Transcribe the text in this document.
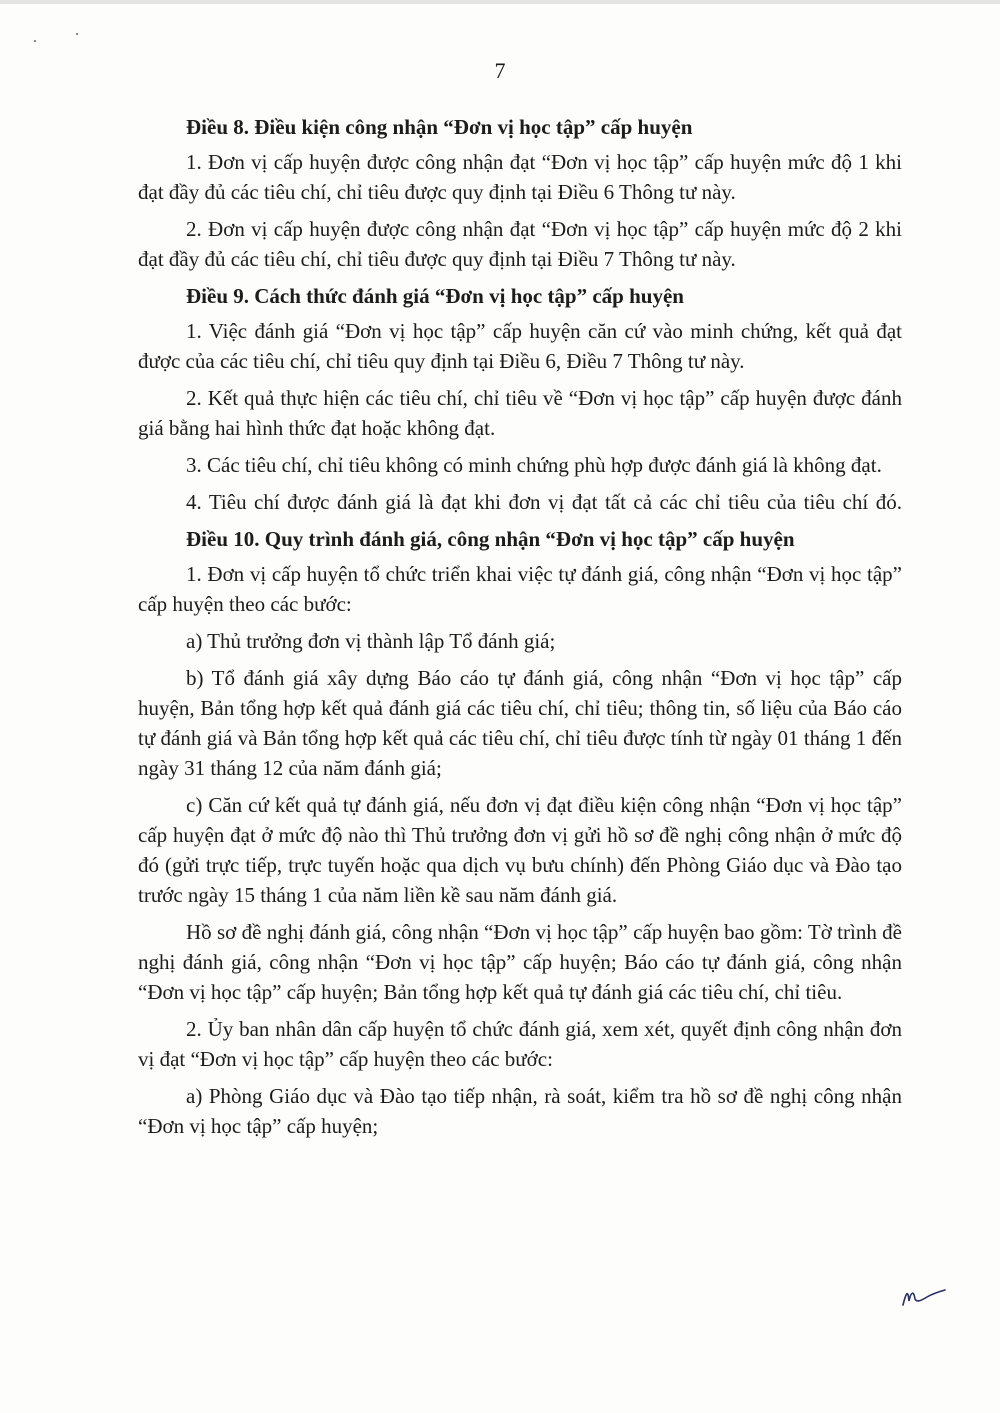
7

Điều 8. Điều kiện công nhận “Đơn vị học tập” cấp huyện

1. Đơn vị cấp huyện được công nhận đạt “Đơn vị học tập” cấp huyện mức độ 1 khi đạt đầy đủ các tiêu chí, chỉ tiêu được quy định tại Điều 6 Thông tư này.

2. Đơn vị cấp huyện được công nhận đạt “Đơn vị học tập” cấp huyện mức độ 2 khi đạt đầy đủ các tiêu chí, chỉ tiêu được quy định tại Điều 7 Thông tư này.

Điều 9. Cách thức đánh giá “Đơn vị học tập” cấp huyện

1. Việc đánh giá “Đơn vị học tập” cấp huyện căn cứ vào minh chứng, kết quả đạt được của các tiêu chí, chỉ tiêu quy định tại Điều 6, Điều 7 Thông tư này.

2. Kết quả thực hiện các tiêu chí, chỉ tiêu về “Đơn vị học tập” cấp huyện được đánh giá bằng hai hình thức đạt hoặc không đạt.

3. Các tiêu chí, chỉ tiêu không có minh chứng phù hợp được đánh giá là không đạt.

4. Tiêu chí được đánh giá là đạt khi đơn vị đạt tất cả các chỉ tiêu của tiêu chí đó.

Điều 10. Quy trình đánh giá, công nhận “Đơn vị học tập” cấp huyện

1. Đơn vị cấp huyện tổ chức triển khai việc tự đánh giá, công nhận “Đơn vị học tập” cấp huyện theo các bước:

a) Thủ trưởng đơn vị thành lập Tổ đánh giá;

b) Tổ đánh giá xây dựng Báo cáo tự đánh giá, công nhận “Đơn vị học tập” cấp huyện, Bản tổng hợp kết quả đánh giá các tiêu chí, chỉ tiêu; thông tin, số liệu của Báo cáo tự đánh giá và Bản tổng hợp kết quả các tiêu chí, chỉ tiêu được tính từ ngày 01 tháng 1 đến ngày 31 tháng 12 của năm đánh giá;

c) Căn cứ kết quả tự đánh giá, nếu đơn vị đạt điều kiện công nhận “Đơn vị học tập” cấp huyện đạt ở mức độ nào thì Thủ trưởng đơn vị gửi hồ sơ đề nghị công nhận ở mức độ đó (gửi trực tiếp, trực tuyến hoặc qua dịch vụ bưu chính) đến Phòng Giáo dục và Đào tạo trước ngày 15 tháng 1 của năm liền kề sau năm đánh giá.

Hồ sơ đề nghị đánh giá, công nhận “Đơn vị học tập” cấp huyện bao gồm: Tờ trình đề nghị đánh giá, công nhận “Đơn vị học tập” cấp huyện; Báo cáo tự đánh giá, công nhận “Đơn vị học tập” cấp huyện; Bản tổng hợp kết quả tự đánh giá các tiêu chí, chỉ tiêu.

2. Ủy ban nhân dân cấp huyện tổ chức đánh giá, xem xét, quyết định công nhận đơn vị đạt “Đơn vị học tập” cấp huyện theo các bước:

a) Phòng Giáo dục và Đào tạo tiếp nhận, rà soát, kiểm tra hồ sơ đề nghị công nhận “Đơn vị học tập” cấp huyện;
